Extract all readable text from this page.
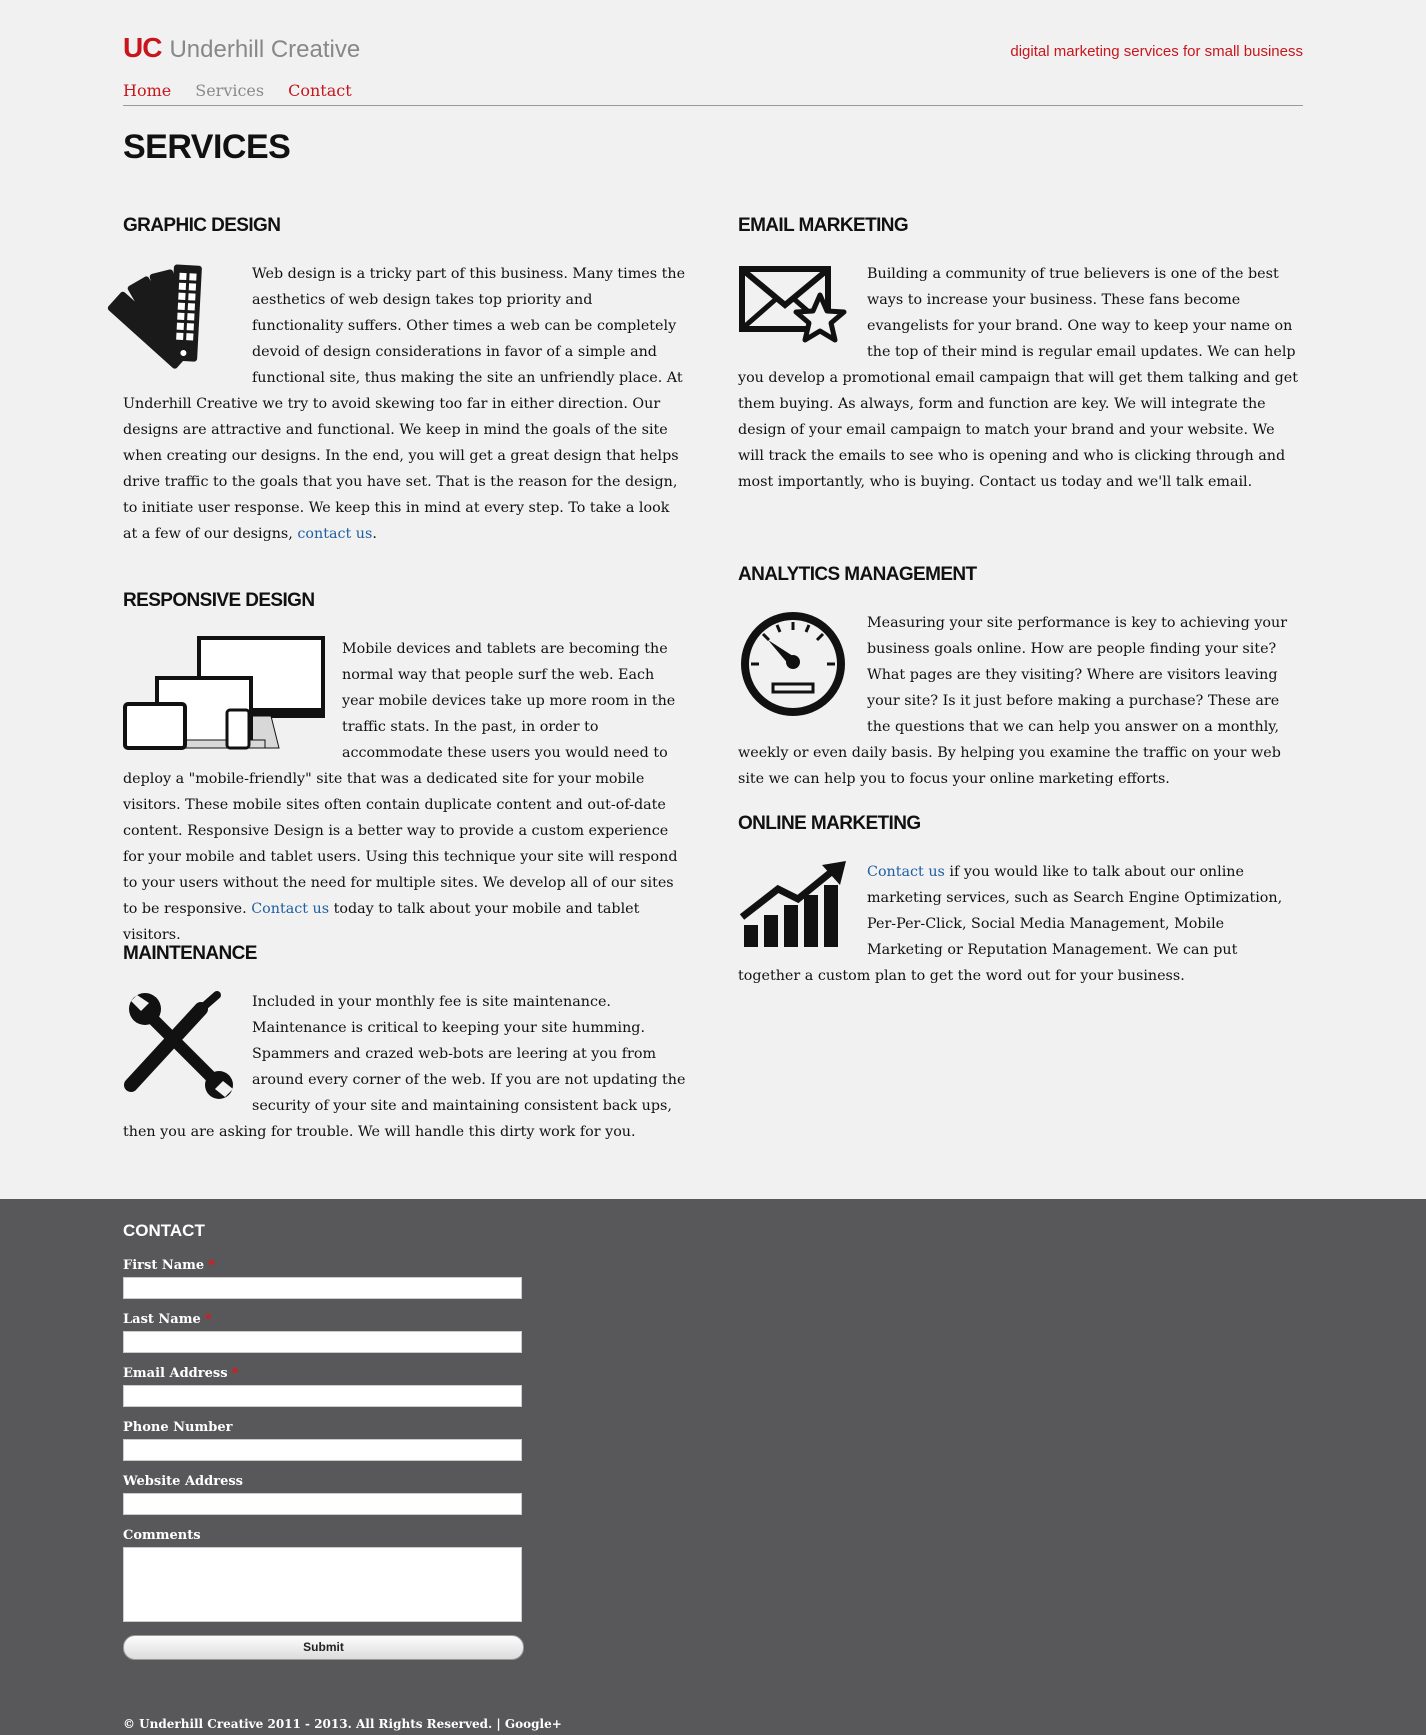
UC Underhill Creative	digital marketing services for small business
Home Services Contact
SERVICES
GRAPHIC DESIGN
Web design is a tricky part of this business. Many times the aesthetics of web design takes top priority and functionality suffers. Other times a web can be completely devoid of design considerations in favor of a simple and functional site, thus making the site an unfriendly place. At Underhill Creative we try to avoid skewing too far in either direction. Our designs are attractive and functional. We keep in mind the goals of the site when creating our designs. In the end, you will get a great design that helps drive traffic to the goals that you have set. That is the reason for the design, to initiate user response. We keep this in mind at every step. To take a look at a few of our designs, contact us.
RESPONSIVE DESIGN
Mobile devices and tablets are becoming the normal way that people surf the web. Each year mobile devices take up more room in the traffic stats. In the past, in order to accommodate these users you would need to deploy a "mobile-friendly" site that was a dedicated site for your mobile visitors. These mobile sites often contain duplicate content and out-of-date content. Responsive Design is a better way to provide a custom experience for your mobile and tablet users. Using this technique your site will respond to your users without the need for multiple sites. We develop all of our sites to be responsive. Contact us today to talk about your mobile and tablet visitors.
MAINTENANCE
Included in your monthly fee is site maintenance. Maintenance is critical to keeping your site humming. Spammers and crazed web-bots are leering at you from around every corner of the web. If you are not updating the security of your site and maintaining consistent back ups, then you are asking for trouble. We will handle this dirty work for you.
EMAIL MARKETING
Building a community of true believers is one of the best ways to increase your business. These fans become evangelists for your brand. One way to keep your name on the top of their mind is regular email updates. We can help you develop a promotional email campaign that will get them talking and get them buying. As always, form and function are key. We will integrate the design of your email campaign to match your brand and your website. We will track the emails to see who is opening and who is clicking through and most importantly, who is buying. Contact us today and we'll talk email.
ANALYTICS MANAGEMENT
Measuring your site performance is key to achieving your business goals online. How are people finding your site? What pages are they visiting? Where are visitors leaving your site? Is it just before making a purchase? These are the questions that we can help you answer on a monthly, weekly or even daily basis. By helping you examine the traffic on your web site we can help you to focus your online marketing efforts.
ONLINE MARKETING
Contact us if you would like to talk about our online marketing services, such as Search Engine Optimization, Per-Per-Click, Social Media Management, Mobile Marketing or Reputation Management. We can put together a custom plan to get the word out for your business.
CONTACT
First Name *
Last Name *
Email Address *
Phone Number
Website Address
Comments
Submit
© Underhill Creative 2011 - 2013. All Rights Reserved. | Google+
